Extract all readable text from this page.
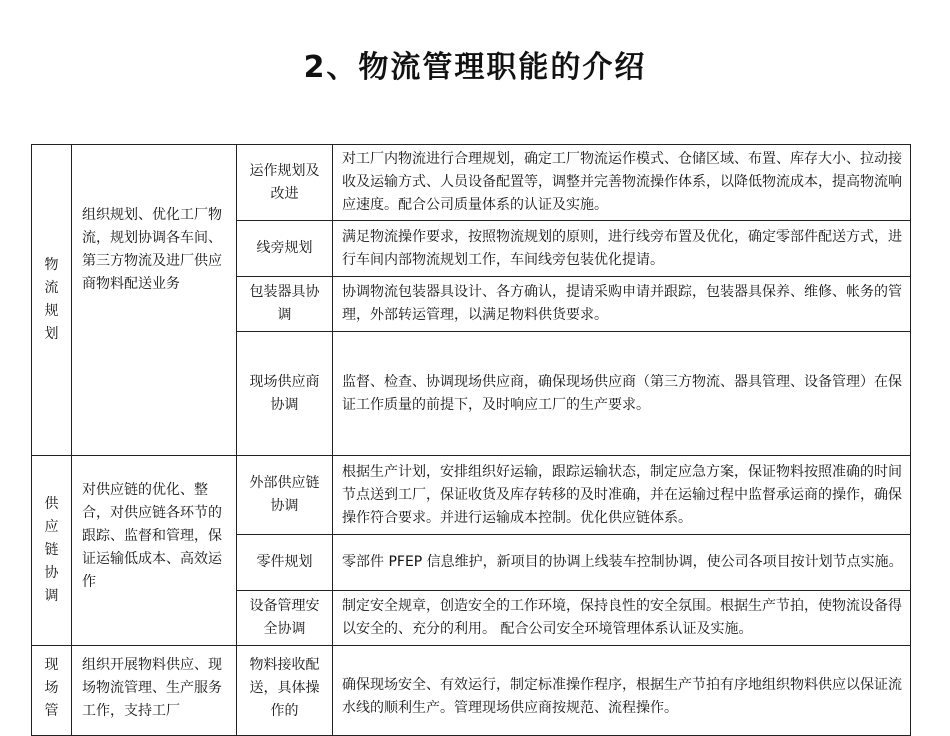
2、物流管理职能的介绍
物流规划	组织规划、优化工厂物流，规划协调各车间、第三方物流及进厂供应商物料配送业务	运作规划及改进	对工厂内物流进行合理规划，确定工厂物流运作模式、仓储区域、布置、库存大小、拉动接收及运输方式、人员设备配置等，调整并完善物流操作体系，以降低物流成本，提高物流响应速度。配合公司质量体系的认证及实施。
		线旁规划	满足物流操作要求，按照物流规划的原则，进行线旁布置及优化，确定零部件配送方式，进行车间内部物流规划工作，车间线旁包装优化提请。
		包装器具协调	协调物流包装器具设计、各方确认，提请采购申请并跟踪，包装器具保养、维修、帐务的管理，外部转运管理，以满足物料供货要求。
		现场供应商协调	监督、检查、协调现场供应商，确保现场供应商（第三方物流、器具管理、设备管理）在保证工作质量的前提下，及时响应工厂的生产要求。
供应链协调	对供应链的优化、整合，对供应链各环节的跟踪、监督和管理，保证运输低成本、高效运作	外部供应链协调	根据生产计划，安排组织好运输，跟踪运输状态，制定应急方案，保证物料按照准确的时间节点送到工厂，保证收货及库存转移的及时准确，并在运输过程中监督承运商的操作，确保操作符合要求。并进行运输成本控制。优化供应链体系。
		零件规划	零部件 PFEP 信息维护，新项目的协调上线装车控制协调，使公司各项目按计划节点实施。
		设备管理安全协调	制定安全规章，创造安全的工作环境，保持良性的安全氛围。根据生产节拍，使物流设备得以安全的、充分的利用。 配合公司安全环境管理体系认证及实施。
现场管	组织开展物料供应、现场物流管理、生产服务工作，支持工厂	物料接收配送，具体操作的	确保现场安全、有效运行，制定标准操作程序，根据生产节拍有序地组织物料供应以保证流水线的顺利生产。管理现场供应商按规范、流程操作。
